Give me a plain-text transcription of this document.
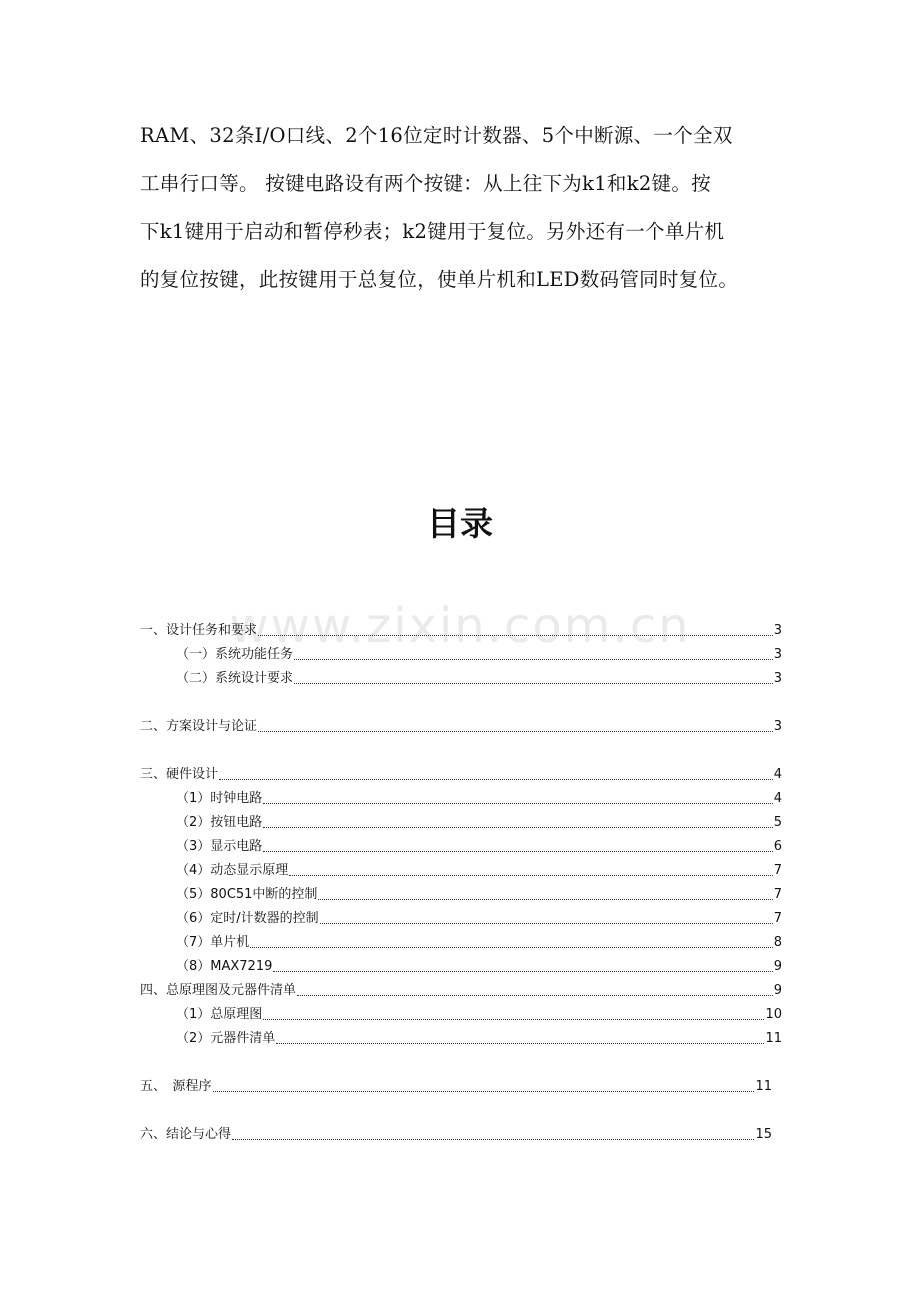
RAM、32条I/O口线、2个16位定时计数器、5个中断源、一个全双
工串行口等。 按键电路设有两个按键：从上往下为k1和k2键。按
下k1键用于启动和暂停秒表；k2键用于复位。另外还有一个单片机
的复位按键，此按键用于总复位，使单片机和LED数码管同时复位。
目录
www.zixin.com.cn
一、设计任务和要求	3
（一）系统功能任务	3
（二）系统设计要求	3
二、方案设计与论证	3
三、硬件设计	4
（1）时钟电路	4
（2）按钮电路	5
（3）显示电路	6
（4）动态显示原理	7
（5）80C51中断的控制	7
（6）定时/计数器的控制	7
（7）单片机	8
（8）MAX7219	9
四、总原理图及元器件清单	9
（1）总原理图	10
（2）元器件清单	11
五、　源程序	11
六、结论与心得	15
